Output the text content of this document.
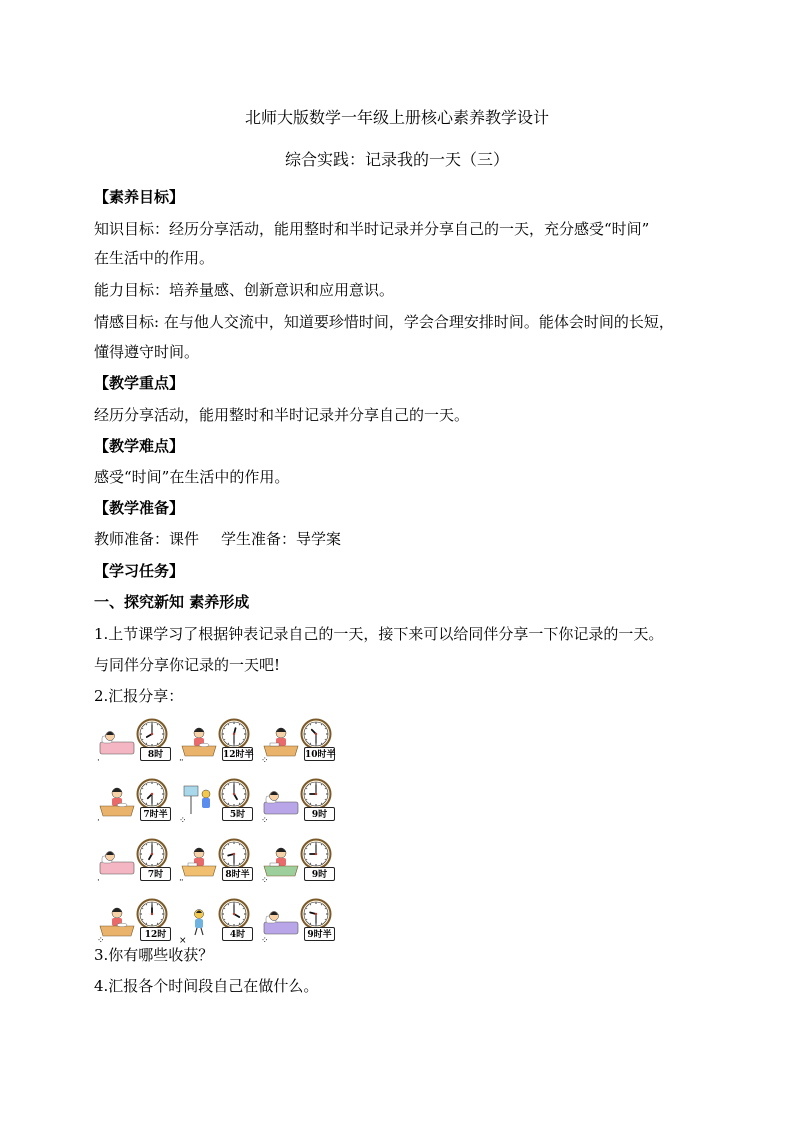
北师大版数学一年级上册核心素养教学设计
综合实践：记录我的一天（三）
【素养目标】
知识目标：经历分享活动，能用整时和半时记录并分享自己的一天，充分感受“时间”
在生活中的作用。
能力目标：培养量感、创新意识和应用意识。
情感目标: 在与他人交流中，知道要珍惜时间，学会合理安排时间。能体会时间的长短，
懂得遵守时间。
【教学重点】
经历分享活动，能用整时和半时记录并分享自己的一天。
【教学难点】
感受“时间”在生活中的作用。
【教学准备】
教师准备：课件 学生准备：导学案
【学习任务】
一、探究新知 素养形成
1.上节课学习了根据钟表记录自己的一天，接下来可以给同伴分享一下你记录的一天。
与同伴分享你记录的一天吧!
2.汇报分享：
8时
·
12时半
··
10时半
⁘
7时半
·
5时
⁘
9时
⁘
7时
·
8时半
··
9时
⁘
12时
⁘
4时
×
9时半
⁘
3.你有哪些收获？
4.汇报各个时间段自己在做什么。
